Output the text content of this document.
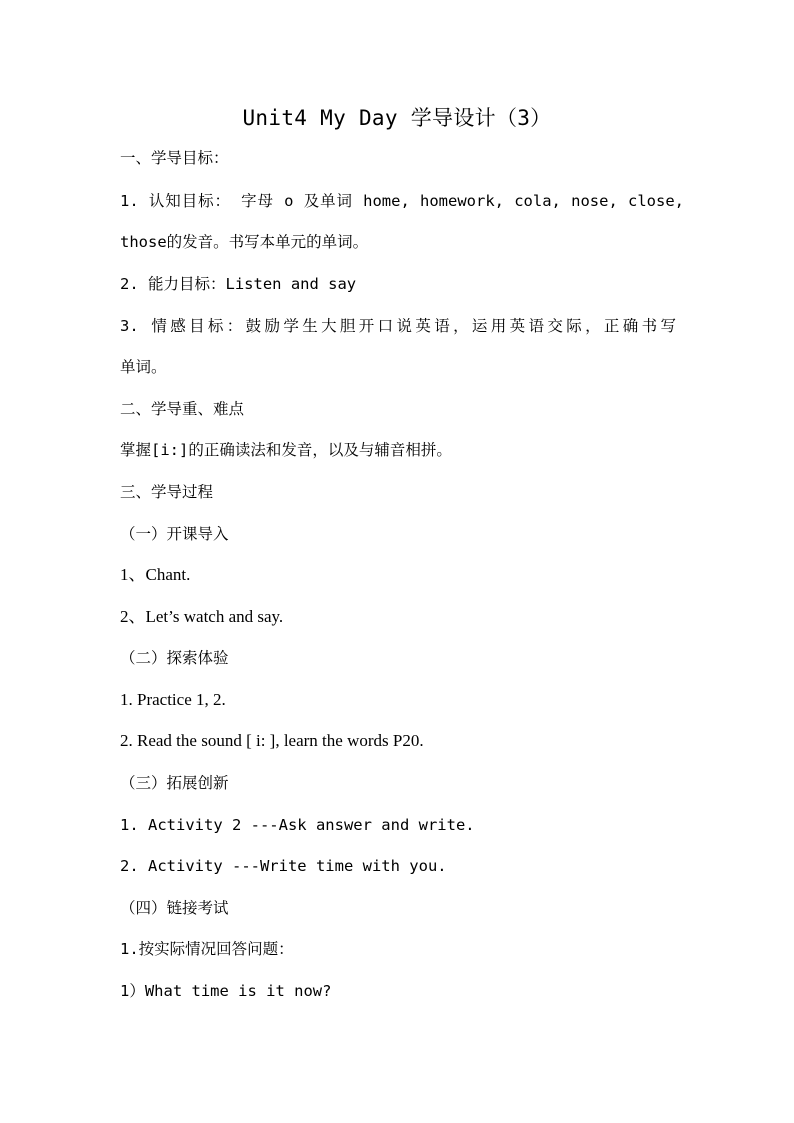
Unit4 My Day 学导设计（3）
一、学导目标：
1. 认知目标： 字母 o 及单词 home, homework, cola, nose, close,
those的发音。书写本单元的单词。
2. 能力目标：Listen and say
3. 情感目标：鼓励学生大胆开口说英语，运用英语交际，正确书写
单词。
二、学导重、难点
掌握[i:]的正确读法和发音，以及与辅音相拼。
三、学导过程
（一）开课导入
1、Chant.
2、Let’s watch and say.
（二）探索体验
1. Practice 1, 2.
2. Read the sound [ i: ], learn the words P20.
（三）拓展创新
1. Activity 2 ---Ask answer and write.
2. Activity ---Write time with you.
（四）链接考试
1.按实际情况回答问题：
1）What time is it now?
